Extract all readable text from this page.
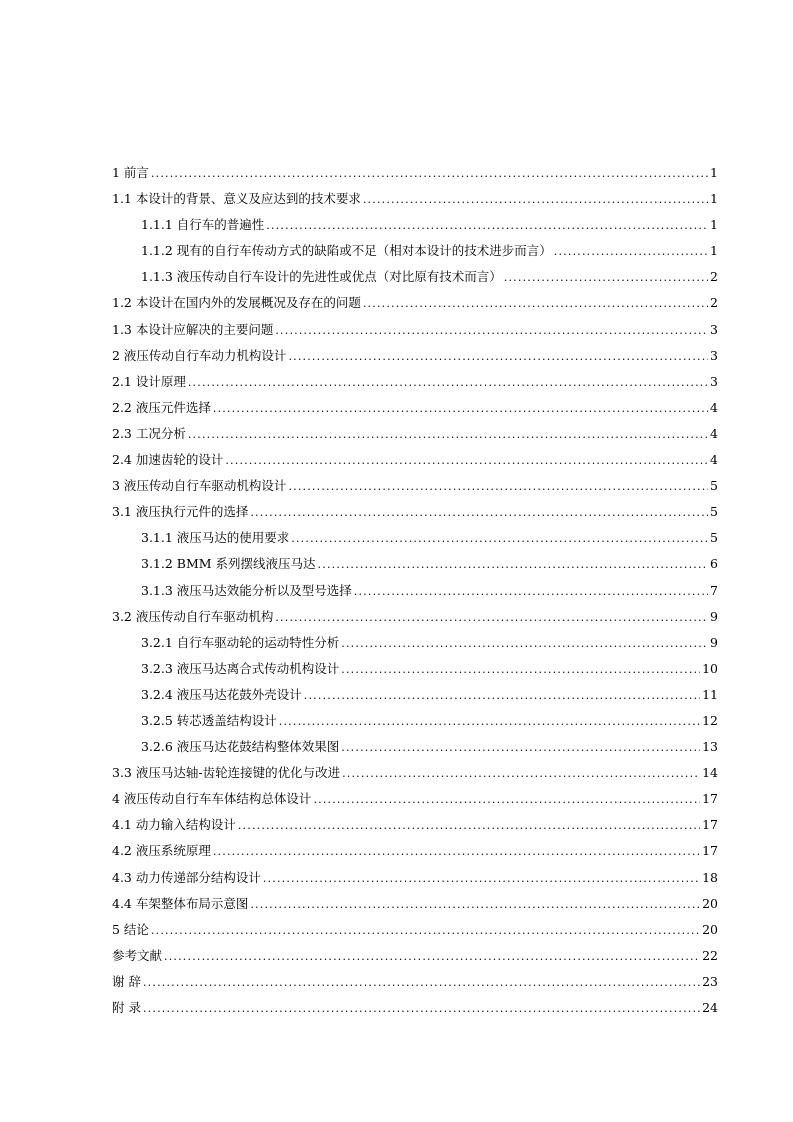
1 前言 .....	1
1.1 本设计的背景、意义及应达到的技术要求 .....	1
1.1.1 自行车的普遍性 .....	1
1.1.2 现有的自行车传动方式的缺陷或不足（相对本设计的技术进步而言） .....	1
1.1.3 液压传动自行车设计的先进性或优点（对比原有技术而言） .....	2
1.2 本设计在国内外的发展概况及存在的问题 .....	2
1.3 本设计应解决的主要问题 .....	3
2 液压传动自行车动力机构设计 .....	3
2.1 设计原理 .....	3
2.2 液压元件选择 .....	4
2.3 工况分析 .....	4
2.4 加速齿轮的设计 .....	4
3 液压传动自行车驱动机构设计 .....	5
3.1 液压执行元件的选择 .....	5
3.1.1 液压马达的使用要求 .....	5
3.1.2 BMM 系列摆线液压马达 .....	6
3.1.3 液压马达效能分析以及型号选择 .....	7
3.2 液压传动自行车驱动机构 .....	9
3.2.1 自行车驱动轮的运动特性分析 .....	9
3.2.3 液压马达离合式传动机构设计 .....	10
3.2.4 液压马达花鼓外壳设计 .....	11
3.2.5 转芯透盖结构设计 .....	12
3.2.6 液压马达花鼓结构整体效果图 .....	13
3.3 液压马达轴-齿轮连接键的优化与改进 .....	14
4 液压传动自行车车体结构总体设计 .....	17
4.1 动力输入结构设计 .....	17
4.2 液压系统原理 .....	17
4.3 动力传递部分结构设计 .....	18
4.4 车架整体布局示意图 .....	20
5 结论 .....	20
参考文献 .....	22
谢 辞 .....	23
附 录 .....	24
